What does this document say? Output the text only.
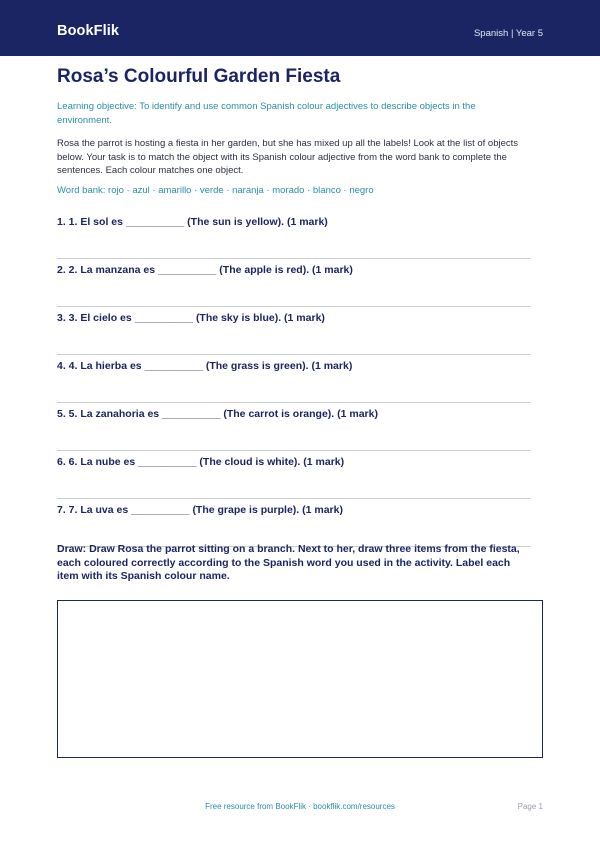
BookFlik	Spanish | Year 5
Rosa’s Colourful Garden Fiesta

Learning objective: To identify and use common Spanish colour adjectives to describe objects in the environment.

Rosa the parrot is hosting a fiesta in her garden, but she has mixed up all the labels! Look at the list of objects below. Your task is to match the object with its Spanish colour adjective from the word bank to complete the sentences. Each colour matches one object.

Word bank: rojo · azul · amarillo · verde · naranja · morado · blanco · negro

1. 1. El sol es __________ (The sun is yellow). (1 mark)
2. 2. La manzana es __________ (The apple is red). (1 mark)
3. 3. El cielo es __________ (The sky is blue). (1 mark)
4. 4. La hierba es __________ (The grass is green). (1 mark)
5. 5. La zanahoria es __________ (The carrot is orange). (1 mark)
6. 6. La nube es __________ (The cloud is white). (1 mark)
7. 7. La uva es __________ (The grape is purple). (1 mark)

Draw: Draw Rosa the parrot sitting on a branch. Next to her, draw three items from the fiesta, each coloured correctly according to the Spanish word you used in the activity. Label each item with its Spanish colour name.

Free resource from BookFlik · bookflik.com/resources	Page 1
